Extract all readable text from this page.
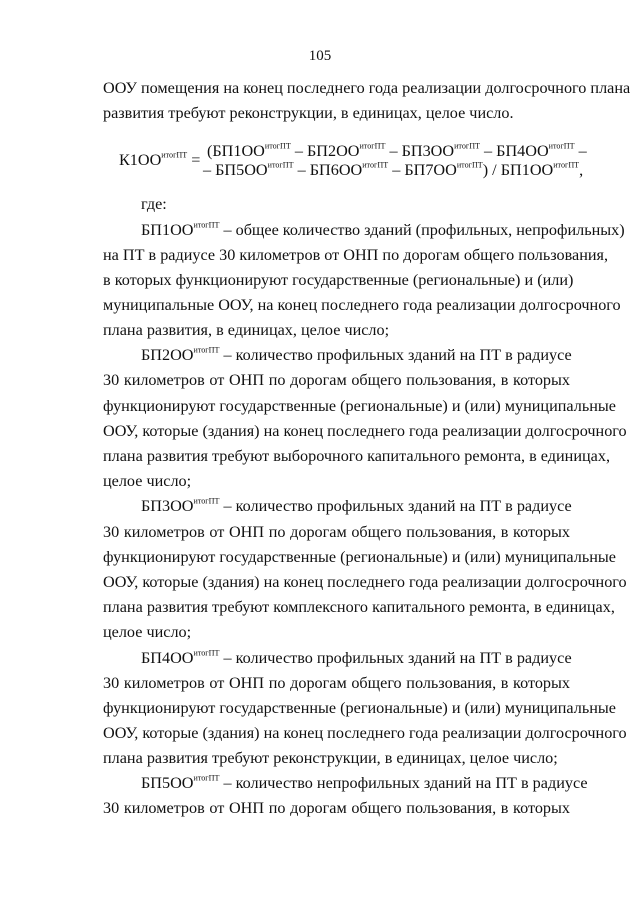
105
ООУ помещения на конец последнего года реализации долгосрочного плана
развития требуют реконструкции, в единицах, целое число.
$К1ОО^{итогПТ} = (БП1ОО^{итогПТ} - БП2ОО^{итогПТ} - БП3ОО^{итогПТ} - БП4ОО^{итогПТ}$ –
– $БП5ОО^{итогПТ} - БП6ОО^{итогПТ} - БП7ОО^{итогПТ}) / БП1ОО^{итогПТ}$,
где:
$БП1ОО^{итогПТ}$ – общее количество зданий (профильных, непрофильных)
на ПТ в радиусе 30 километров от ОНП по дорогам общего пользования,
в которых функционируют государственные (региональные) и (или)
муниципальные ООУ, на конец последнего года реализации долгосрочного
плана развития, в единицах, целое число;
$БП2ОО^{итогПТ}$ – количество профильных зданий на ПТ в радиусе
30 километров от ОНП по дорогам общего пользования, в которых
функционируют государственные (региональные) и (или) муниципальные
ООУ, которые (здания) на конец последнего года реализации долгосрочного
плана развития требуют выборочного капитального ремонта, в единицах,
целое число;
$БП3ОО^{итогПТ}$ – количество профильных зданий на ПТ в радиусе
30 километров от ОНП по дорогам общего пользования, в которых
функционируют государственные (региональные) и (или) муниципальные
ООУ, которые (здания) на конец последнего года реализации долгосрочного
плана развития требуют комплексного капитального ремонта, в единицах,
целое число;
$БП4ОО^{итогПТ}$ – количество профильных зданий на ПТ в радиусе
30 километров от ОНП по дорогам общего пользования, в которых
функционируют государственные (региональные) и (или) муниципальные
ООУ, которые (здания) на конец последнего года реализации долгосрочного
плана развития требуют реконструкции, в единицах, целое число;
$БП5ОО^{итогПТ}$ – количество непрофильных зданий на ПТ в радиусе
30 километров от ОНП по дорогам общего пользования, в которых
